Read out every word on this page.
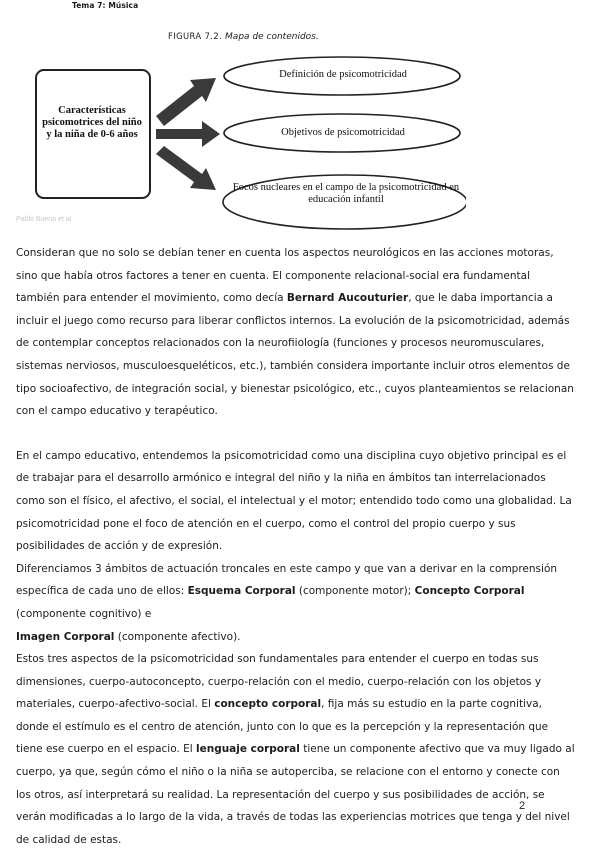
Tema 7: Música
FIGURA 7.2. Mapa de contenidos.
Características psicomotrices del niño y la niña de 0-6 años
Definición de psicomotricidad
Objetivos de psicomotricidad
Focos nucleares en el campo de la psicomotricidad en educación infantil
Pablo Bueno et al.

Consideran que no solo se debían tener en cuenta los aspectos neurológicos en las acciones motoras, sino que había otros factores a tener en cuenta. El componente relacional-social era fundamental también para entender el movimiento, como decía Bernard Aucouturier, que le daba importancia a incluir el juego como recurso para liberar conflictos internos. La evolución de la psicomotricidad, además de contemplar conceptos relacionados con la neurofiiología (funciones y procesos neuromusculares, sistemas nerviosos, musculoesqueléticos, etc.), también considera importante incluir otros elementos de tipo socioafectivo, de integración social, y bienestar psicológico, etc., cuyos planteamientos se relacionan con el campo educativo y terapéutico.

En el campo educativo, entendemos la psicomotricidad como una disciplina cuyo objetivo principal es el de trabajar para el desarrollo armónico e integral del niño y la niña en ámbitos tan interrelacionados como son el físico, el afectivo, el social, el intelectual y el motor; entendido todo como una globalidad. La psicomotricidad pone el foco de atención en el cuerpo, como el control del propio cuerpo y sus posibilidades de acción y de expresión.

Diferenciamos 3 ámbitos de actuación troncales en este campo y que van a derivar en la comprensión específica de cada uno de ellos: Esquema Corporal (componente motor); Concepto Corporal (componente cognitivo) e
Imagen Corporal (componente afectivo).

Estos tres aspectos de la psicomotricidad son fundamentales para entender el cuerpo en todas sus dimensiones, cuerpo-autoconcepto, cuerpo-relación con el medio, cuerpo-relación con los objetos y materiales, cuerpo-afectivo-social. El concepto corporal, fija más su estudio en la parte cognitiva, donde el estímulo es el centro de atención, junto con lo que es la percepción y la representación que tiene ese cuerpo en el espacio. El lenguaje corporal tiene un componente afectivo que va muy ligado al cuerpo, ya que, según cómo el niño o la niña se autoperciba, se relacione con el entorno y conecte con los otros, así interpretará su realidad. La representación del cuerpo y sus posibilidades de acción, se verán modificadas a lo largo de la vida, a través de todas las experiencias motrices que tenga y del nivel de calidad de estas.

2
